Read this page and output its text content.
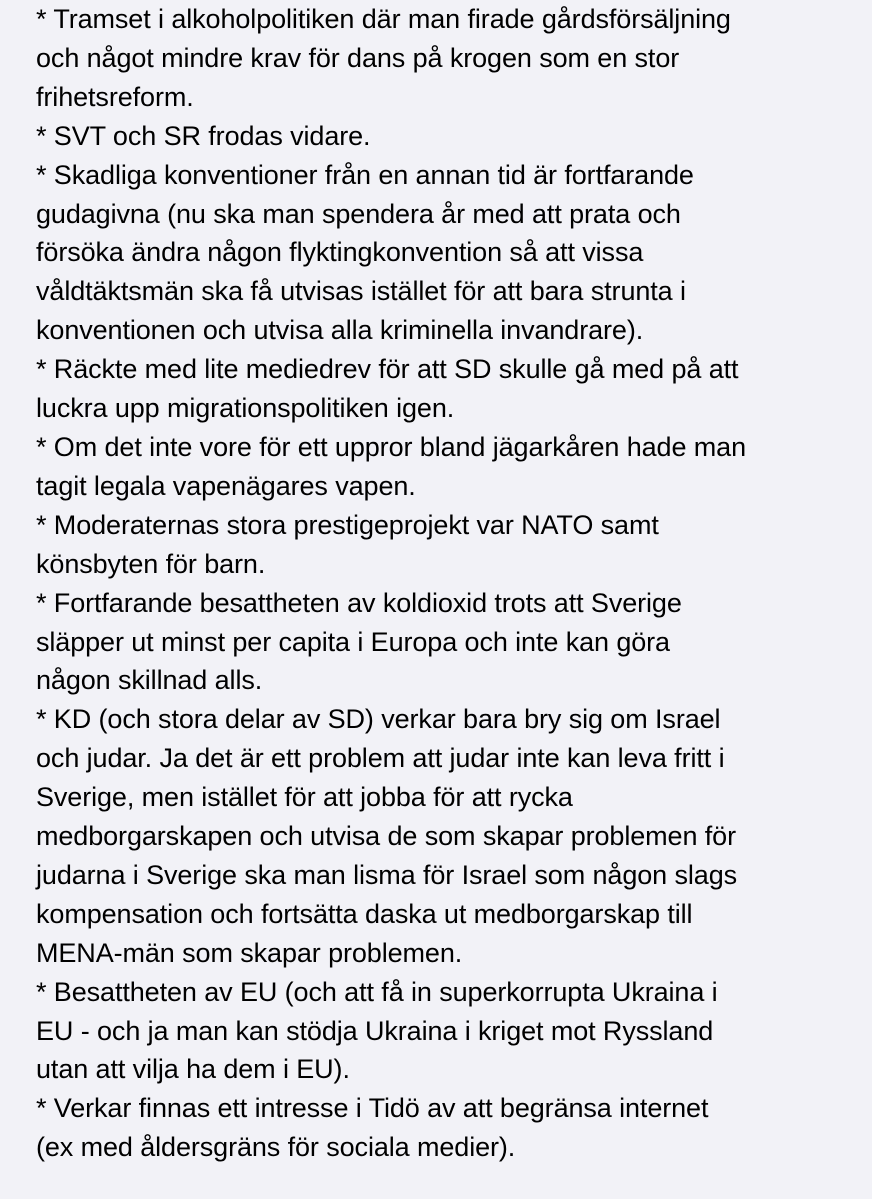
* Tramset i alkoholpolitiken där man firade gårdsförsäljning
och något mindre krav för dans på krogen som en stor
frihetsreform.
* SVT och SR frodas vidare.
* Skadliga konventioner från en annan tid är fortfarande
gudagivna (nu ska man spendera år med att prata och
försöka ändra någon flyktingkonvention så att vissa
våldtäktsmän ska få utvisas istället för att bara strunta i
konventionen och utvisa alla kriminella invandrare).
* Räckte med lite mediedrev för att SD skulle gå med på att
luckra upp migrationspolitiken igen.
* Om det inte vore för ett uppror bland jägarkåren hade man
tagit legala vapenägares vapen.
* Moderaternas stora prestigeprojekt var NATO samt
könsbyten för barn.
* Fortfarande besattheten av koldioxid trots att Sverige
släpper ut minst per capita i Europa och inte kan göra
någon skillnad alls.
* KD (och stora delar av SD) verkar bara bry sig om Israel
och judar. Ja det är ett problem att judar inte kan leva fritt i
Sverige, men istället för att jobba för att rycka
medborgarskapen och utvisa de som skapar problemen för
judarna i Sverige ska man lisma för Israel som någon slags
kompensation och fortsätta daska ut medborgarskap till
MENA-män som skapar problemen.
* Besattheten av EU (och att få in superkorrupta Ukraina i
EU - och ja man kan stödja Ukraina i kriget mot Ryssland
utan att vilja ha dem i EU).
* Verkar finnas ett intresse i Tidö av att begränsa internet
(ex med åldersgräns för sociala medier).
